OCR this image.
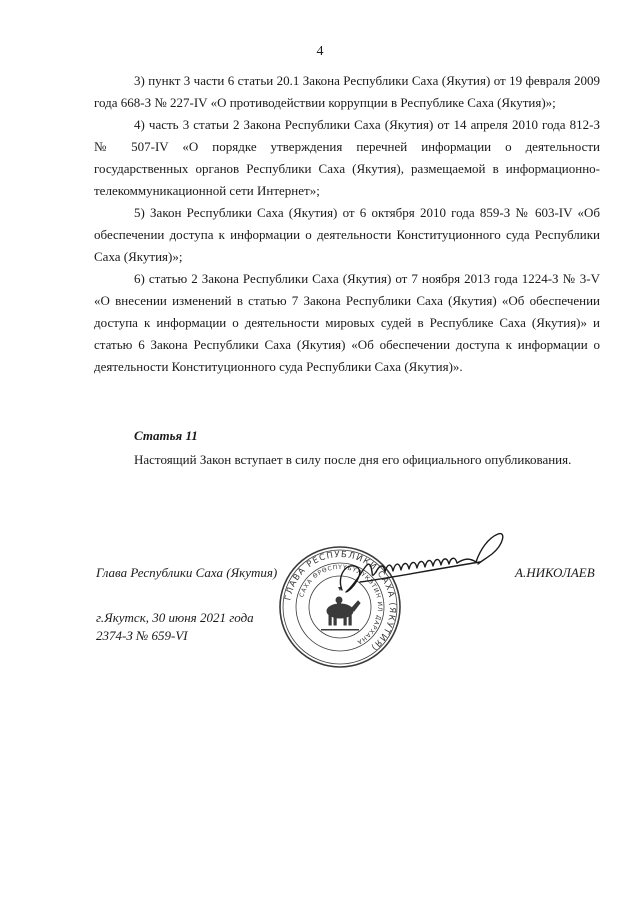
4

3) пункт 3 части 6 статьи 20.1 Закона Республики Саха (Якутия) от 19 февраля 2009 года 668-З № 227-IV «О противодействии коррупции в Республике Саха (Якутия)»;

4) часть 3 статьи 2 Закона Республики Саха (Якутия) от 14 апреля 2010 года 812-З № 507-IV «О порядке утверждения перечней информации о деятельности государственных органов Республики Саха (Якутия), размещаемой в информационно-телекоммуникационной сети Интернет»;

5) Закон Республики Саха (Якутия) от 6 октября 2010 года 859-З № 603-IV «Об обеспечении доступа к информации о деятельности Конституционного суда Республики Саха (Якутия)»;

6) статью 2 Закона Республики Саха (Якутия) от 7 ноября 2013 года 1224-З № 3-V «О внесении изменений в статью 7 Закона Республики Саха (Якутия) «Об обеспечении доступа к информации о деятельности мировых судей в Республике Саха (Якутия)» и статью 6 Закона Республики Саха (Якутия) «Об обеспечении доступа к информации о деятельности Конституционного суда Республики Саха (Якутия)».

Статья 11
Настоящий Закон вступает в силу после дня его официального опубликования.
Глава Республики Саха (Якутия)	А.НИКОЛАЕВ
г.Якутск, 30 июня 2021 года
2374-З № 659-VI
ГЛАВА РЕСПУБЛИКИ САХА (ЯКУТИЯ)
САХА ӨРӨСПҮҮБҮЛҮКЭТИН ИЛ ДАРХАНА
